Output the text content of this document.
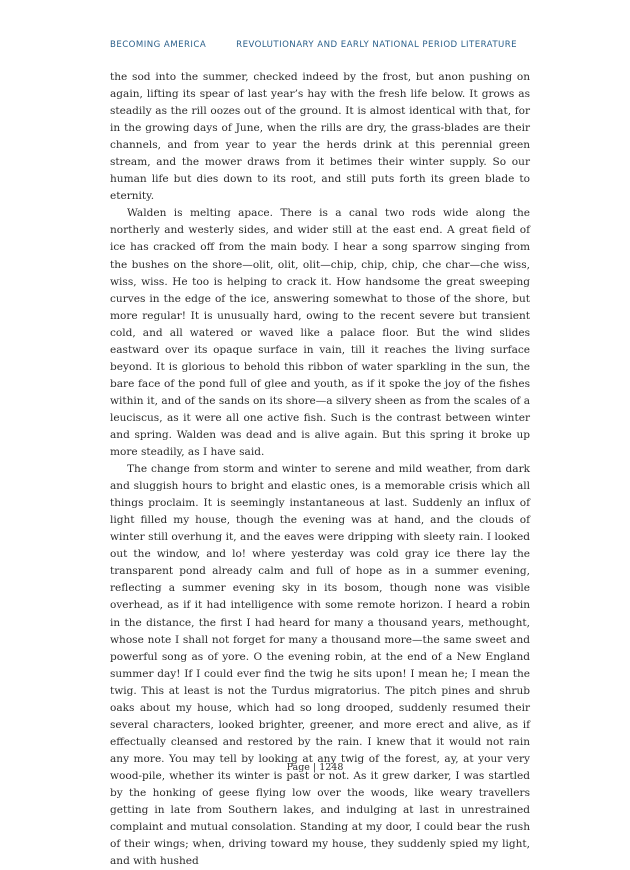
BECOMING AMERICA	REVOLUTIONARY AND EARLY NATIONAL PERIOD LITERATURE

the sod into the summer, checked indeed by the frost, but anon pushing on again, lifting its spear of last year’s hay with the fresh life below. It grows as steadily as the rill oozes out of the ground. It is almost identical with that, for in the growing days of June, when the rills are dry, the grass-blades are their channels, and from year to year the herds drink at this perennial green stream, and the mower draws from it betimes their winter supply. So our human life but dies down to its root, and still puts forth its green blade to eternity.

Walden is melting apace. There is a canal two rods wide along the northerly and westerly sides, and wider still at the east end. A great field of ice has cracked off from the main body. I hear a song sparrow singing from the bushes on the shore—olit, olit, olit—chip, chip, chip, che char—che wiss, wiss, wiss. He too is helping to crack it. How handsome the great sweeping curves in the edge of the ice, answering somewhat to those of the shore, but more regular! It is unusually hard, owing to the recent severe but transient cold, and all watered or waved like a palace floor. But the wind slides eastward over its opaque surface in vain, till it reaches the living surface beyond. It is glorious to behold this ribbon of water sparkling in the sun, the bare face of the pond full of glee and youth, as if it spoke the joy of the fishes within it, and of the sands on its shore—a silvery sheen as from the scales of a leuciscus, as it were all one active fish. Such is the contrast between winter and spring. Walden was dead and is alive again. But this spring it broke up more steadily, as I have said.

The change from storm and winter to serene and mild weather, from dark and sluggish hours to bright and elastic ones, is a memorable crisis which all things proclaim. It is seemingly instantaneous at last. Suddenly an influx of light filled my house, though the evening was at hand, and the clouds of winter still overhung it, and the eaves were dripping with sleety rain. I looked out the window, and lo! where yesterday was cold gray ice there lay the transparent pond already calm and full of hope as in a summer evening, reflecting a summer evening sky in its bosom, though none was visible overhead, as if it had intelligence with some remote horizon. I heard a robin in the distance, the first I had heard for many a thousand years, methought, whose note I shall not forget for many a thousand more—the same sweet and powerful song as of yore. O the evening robin, at the end of a New England summer day! If I could ever find the twig he sits upon! I mean he; I mean the twig. This at least is not the Turdus migratorius. The pitch pines and shrub oaks about my house, which had so long drooped, suddenly resumed their several characters, looked brighter, greener, and more erect and alive, as if effectually cleansed and restored by the rain. I knew that it would not rain any more. You may tell by looking at any twig of the forest, ay, at your very wood-pile, whether its winter is past or not. As it grew darker, I was startled by the honking of geese flying low over the woods, like weary travellers getting in late from Southern lakes, and indulging at last in unrestrained complaint and mutual consolation. Standing at my door, I could bear the rush of their wings; when, driving toward my house, they suddenly spied my light, and with hushed

Page | 1248
